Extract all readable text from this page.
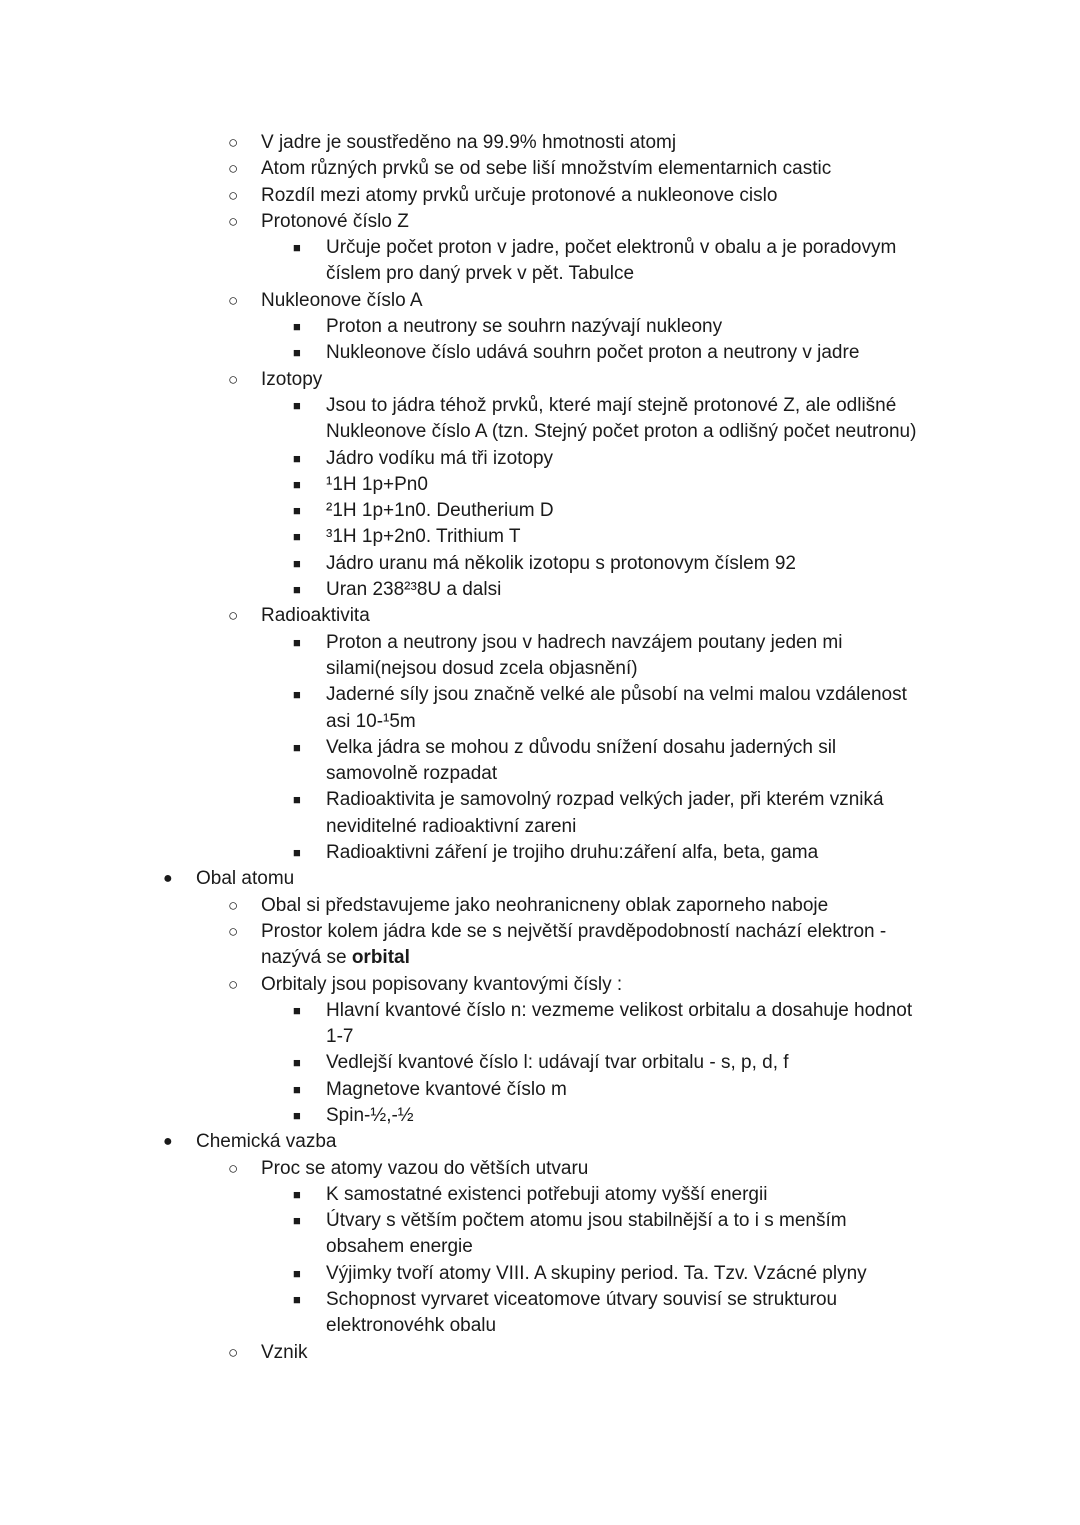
○ V jadre je soustředěno na 99.9% hmotnosti atomj
○ Atom různých prvků se od sebe liší množstvím elementarnich castic
○ Rozdíl mezi atomy prvků určuje protonové a nukleonove cislo
○ Protonové číslo Z
■ Určuje počet proton v jadre, počet elektronů v obalu a je poradovym
číslem pro daný prvek v pět. Tabulce
○ Nukleonove číslo A
■ Proton a neutrony se souhrn nazývají nukleony
■ Nukleonove číslo udává souhrn počet proton a neutrony v jadre
○ Izotopy
■ Jsou to jádra téhož prvků, které mají stejně protonové Z, ale odlišné
Nukleonove číslo A (tzn. Stejný počet proton a odlišný počet neutronu)
■ Jádro vodíku má tři izotopy
■ ¹1H 1p+Pn0
■ ²1H 1p+1n0. Deutherium D
■ ³1H 1p+2n0. Trithium T
■ Jádro uranu má několik izotopu s protonovym číslem 92
■ Uran 238²³8U a dalsi
○ Radioaktivita
■ Proton a neutrony jsou v hadrech navzájem poutany jeden mi
silami(nejsou dosud zcela objasnění)
■ Jaderné síly jsou značně velké ale působí na velmi malou vzdálenost
asi 10-¹5m
■ Velka jádra se mohou z důvodu snížení dosahu jaderných sil
samovolně rozpadat
■ Radioaktivita je samovolný rozpad velkých jader, při kterém vzniká
neviditelné radioaktivní zareni
■ Radioaktivni záření je trojiho druhu:záření alfa, beta, gama
● Obal atomu
○ Obal si představujeme jako neohranicneny oblak zaporneho naboje
○ Prostor kolem jádra kde se s největší pravděpodobností nachází elektron -
nazývá se orbital
○ Orbitaly jsou popisovany kvantovými čísly :
■ Hlavní kvantové číslo n: vezmeme velikost orbitalu a dosahuje hodnot
1-7
■ Vedlejší kvantové číslo l: udávají tvar orbitalu - s, p, d, f
■ Magnetove kvantové číslo m
■ Spin-½,-½
● Chemická vazba
○ Proc se atomy vazou do větších utvaru
■ K samostatné existenci potřebuji atomy vyšší energii
■ Útvary s větším počtem atomu jsou stabilnější a to i s menším
obsahem energie
■ Výjimky tvoří atomy VIII. A skupiny period. Ta. Tzv. Vzácné plyny
■ Schopnost vyrvaret viceatomove útvary souvisí se strukturou
elektronovéhk obalu
○ Vznik
